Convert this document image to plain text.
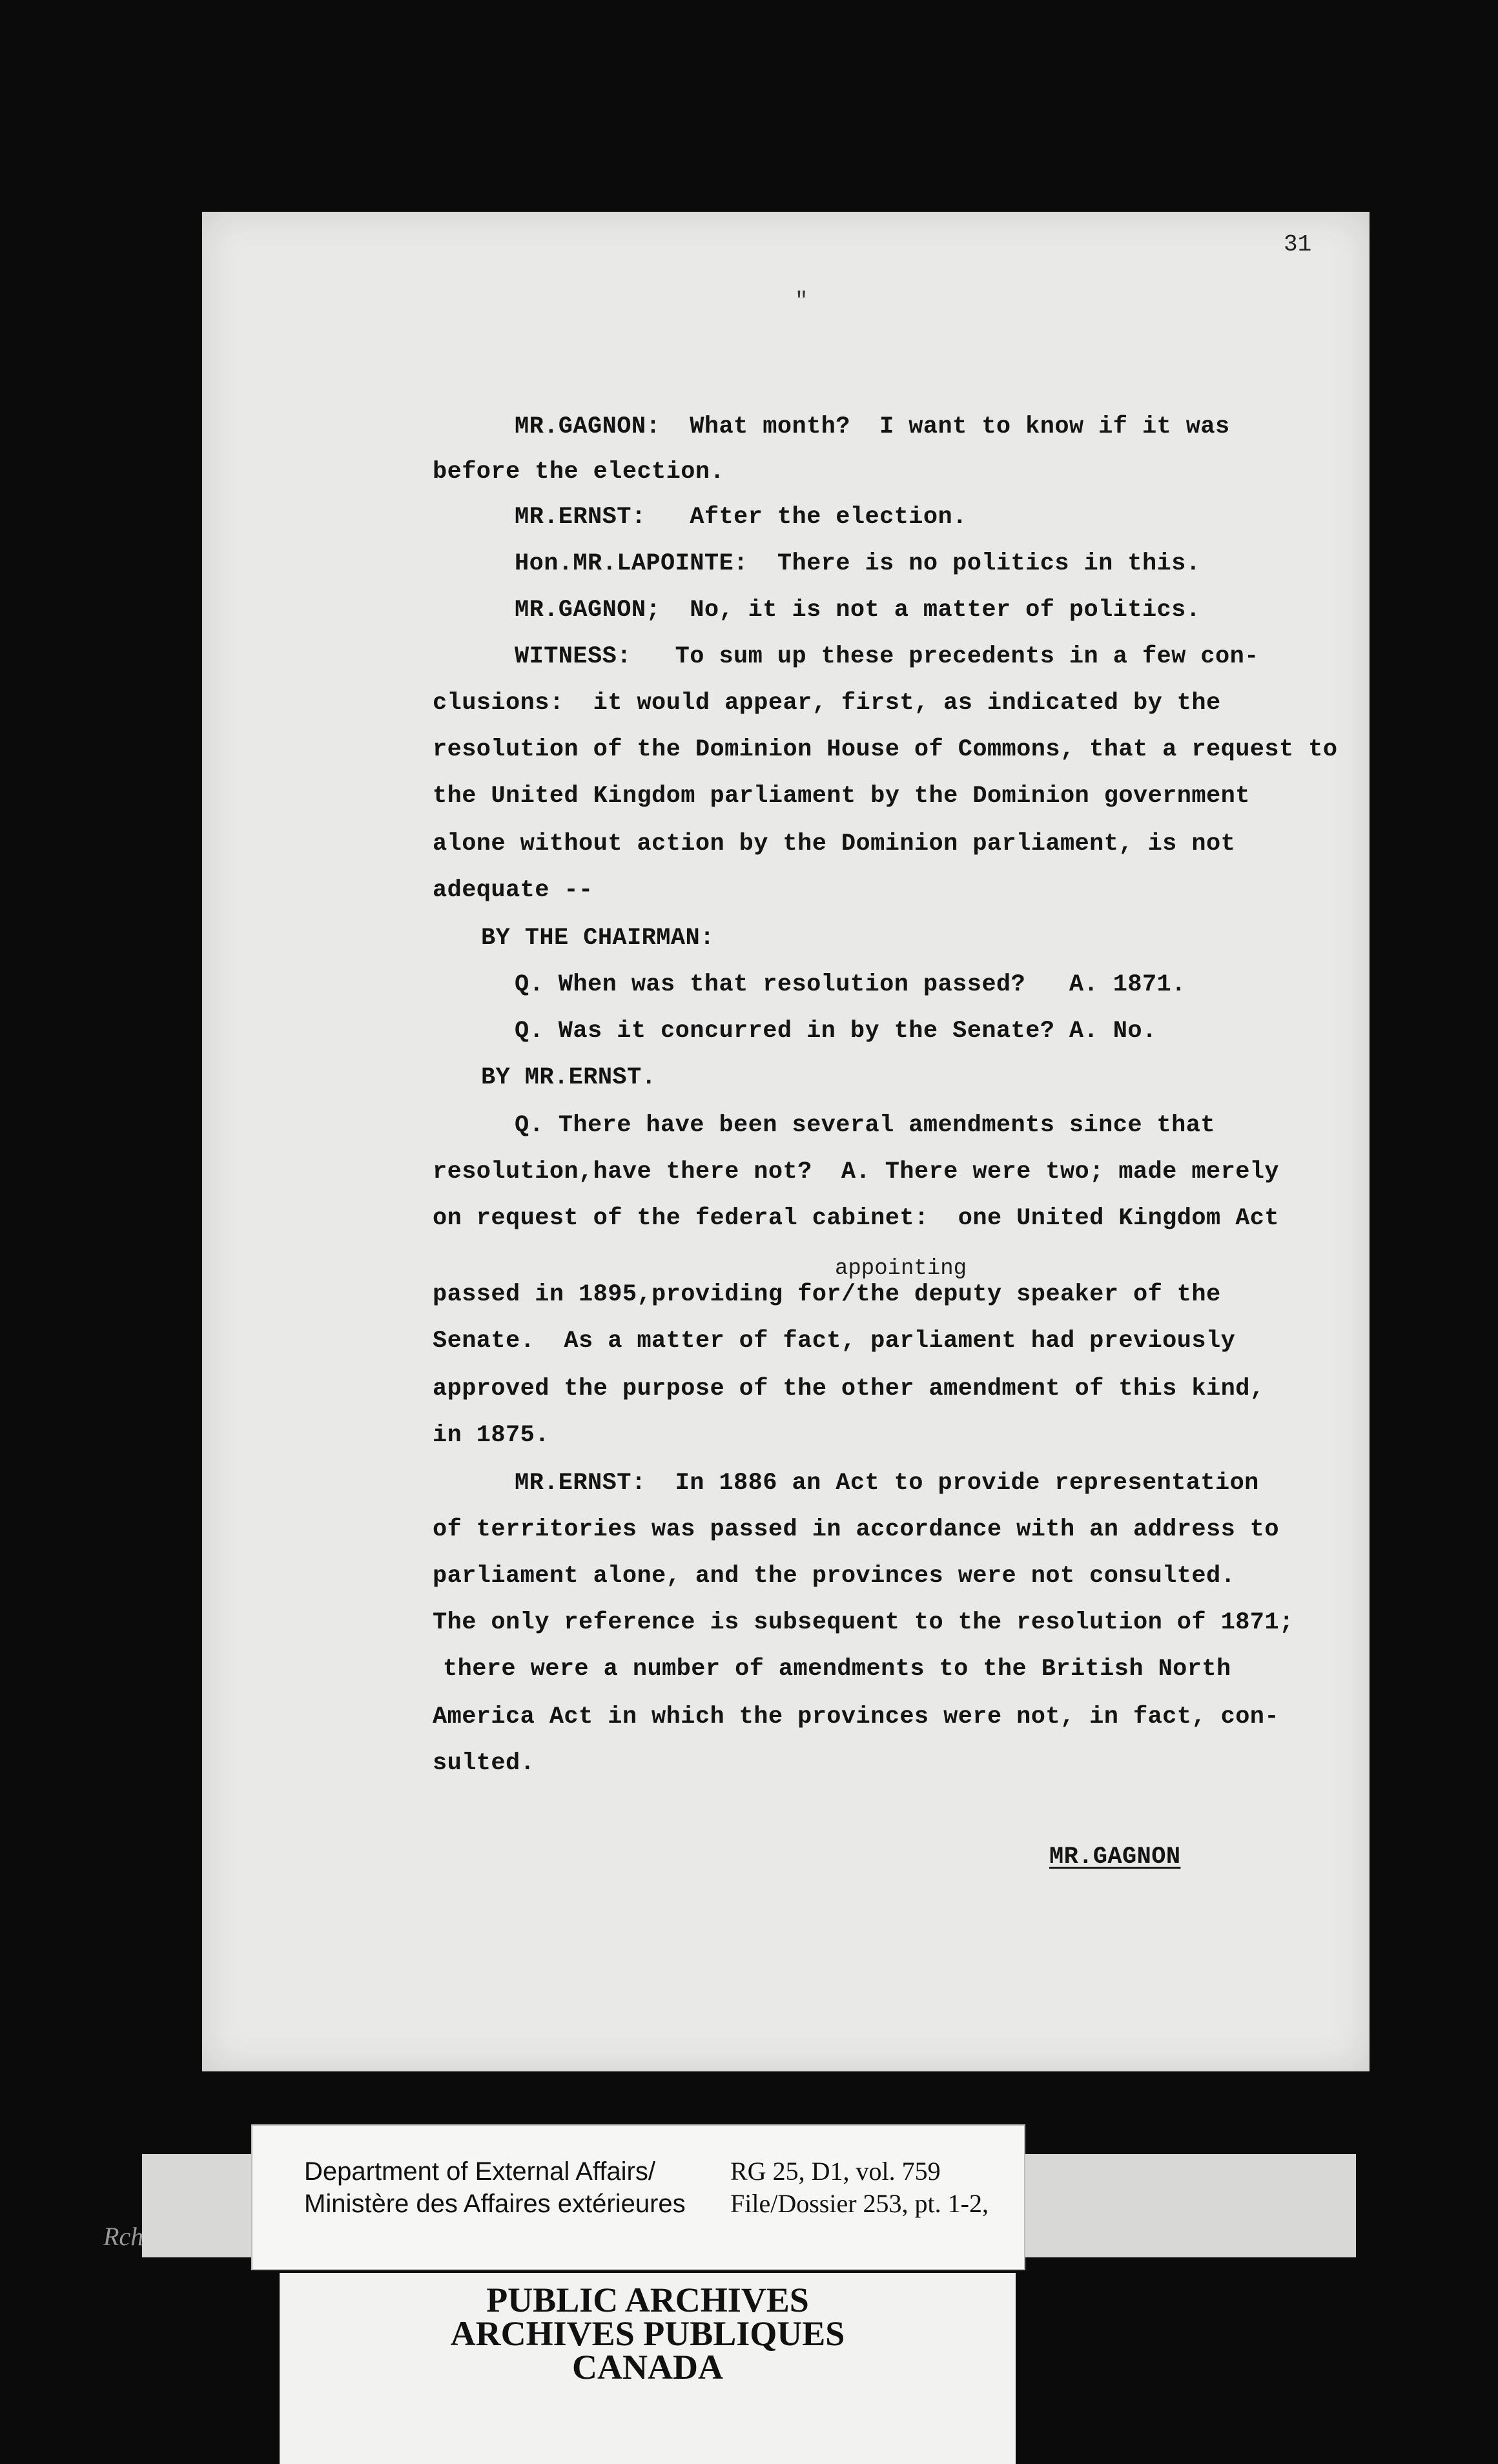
31
"

MR.GAGNON:  What month?  I want to know if it was

before the election.

MR.ERNST:   After the election.

Hon.MR.LAPOINTE:  There is no politics in this.

MR.GAGNON;  No, it is not a matter of politics.

WITNESS:   To sum up these precedents in a few con-

clusions:  it would appear, first, as indicated by the

resolution of the Dominion House of Commons, that a request to

the United Kingdom parliament by the Dominion government

alone without action by the Dominion parliament, is not

adequate --

BY THE CHAIRMAN:

Q. When was that resolution passed?   A. 1871.

Q. Was it concurred in by the Senate? A. No.

BY MR.ERNST.

Q. There have been several amendments since that

resolution,have there not?  A. There were two; made merely

on request of the federal cabinet:  one United Kingdom Act

passed in 1895,providing for/the deputy speaker of the

Senate.  As a matter of fact, parliament had previously

approved the purpose of the other amendment of this kind,

in 1875.

MR.ERNST:  In 1886 an Act to provide representation

of territories was passed in accordance with an address to

parliament alone, and the provinces were not consulted.

The only reference is subsequent to the resolution of 1871;

there were a number of amendments to the British North

America Act in which the provinces were not, in fact, con-

sulted.

appointing

MR.GAGNON

Department of External Affairs/
Ministère des Affaires extérieures
RG 25, D1, vol. 759
File/Dossier 253, pt. 1-2,
Rch
PUBLIC ARCHIVES
ARCHIVES PUBLIQUES
CANADA
